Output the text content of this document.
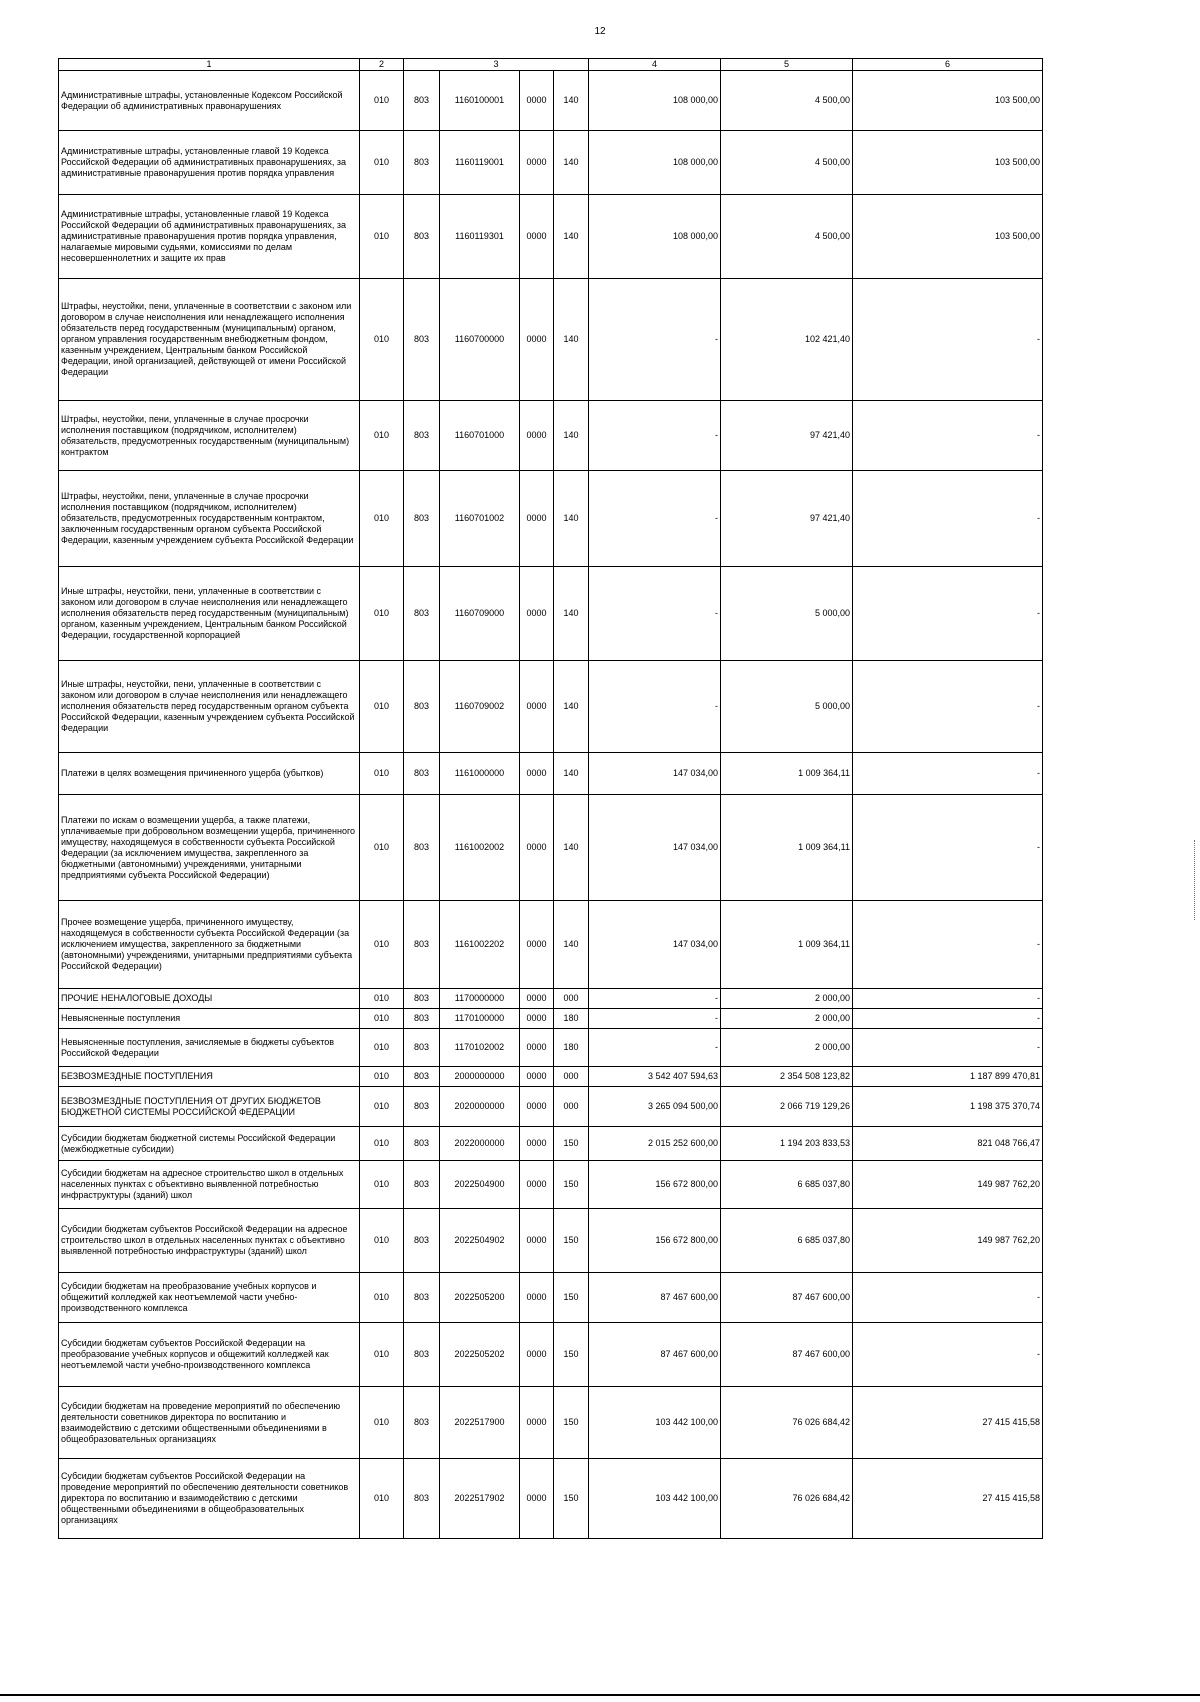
12
1	2	3				4	5	6
Административные штрафы, установленные Кодексом Российской Федерации об административных правонарушениях	010	803	1160100001	0000	140	108 000,00	4 500,00	103 500,00
Административные штрафы, установленные главой 19 Кодекса Российской Федерации об административных правонарушениях, за административные правонарушения против порядка управления	010	803	1160119001	0000	140	108 000,00	4 500,00	103 500,00
Административные штрафы, установленные главой 19 Кодекса Российской Федерации об административных правонарушениях, за административные правонарушения против порядка управления, налагаемые мировыми судьями, комиссиями по делам несовершеннолетних и защите их прав	010	803	1160119301	0000	140	108 000,00	4 500,00	103 500,00
Штрафы, неустойки, пени, уплаченные в соответствии с законом или договором в случае неисполнения или ненадлежащего исполнения обязательств перед государственным (муниципальным) органом, органом управления государственным внебюджетным фондом, казенным учреждением, Центральным банком Российской Федерации, иной организацией, действующей от имени Российской Федерации	010	803	1160700000	0000	140	-	102 421,40	-
Штрафы, неустойки, пени, уплаченные в случае просрочки исполнения поставщиком (подрядчиком, исполнителем) обязательств, предусмотренных государственным (муниципальным) контрактом	010	803	1160701000	0000	140	-	97 421,40	-
Штрафы, неустойки, пени, уплаченные в случае просрочки исполнения поставщиком (подрядчиком, исполнителем) обязательств, предусмотренных государственным контрактом, заключенным государственным органом субъекта Российской Федерации, казенным учреждением субъекта Российской Федерации	010	803	1160701002	0000	140	-	97 421,40	-
Иные штрафы, неустойки, пени, уплаченные в соответствии с законом или договором в случае неисполнения или ненадлежащего исполнения обязательств перед государственным (муниципальным) органом, казенным учреждением, Центральным банком Российской Федерации, государственной корпорацией	010	803	1160709000	0000	140	-	5 000,00	-
Иные штрафы, неустойки, пени, уплаченные в соответствии с законом или договором в случае неисполнения или ненадлежащего исполнения обязательств перед государственным органом субъекта Российской Федерации, казенным учреждением субъекта Российской Федерации	010	803	1160709002	0000	140	-	5 000,00	-
Платежи в целях возмещения причиненного ущерба (убытков)	010	803	1161000000	0000	140	147 034,00	1 009 364,11	-
Платежи по искам о возмещении ущерба, а также платежи, уплачиваемые при добровольном возмещении ущерба, причиненного имуществу, находящемуся в собственности субъекта Российской Федерации (за исключением имущества, закрепленного за бюджетными (автономными) учреждениями, унитарными предприятиями субъекта Российской Федерации)	010	803	1161002002	0000	140	147 034,00	1 009 364,11	-
Прочее возмещение ущерба, причиненного имуществу, находящемуся в собственности субъекта Российской Федерации (за исключением имущества, закрепленного за бюджетными (автономными) учреждениями, унитарными предприятиями субъекта Российской Федерации)	010	803	1161002202	0000	140	147 034,00	1 009 364,11	-
ПРОЧИЕ НЕНАЛОГОВЫЕ ДОХОДЫ	010	803	1170000000	0000	000	-	2 000,00	-
Невыясненные поступления	010	803	1170100000	0000	180	-	2 000,00	-
Невыясненные поступления, зачисляемые в бюджеты субъектов Российской Федерации	010	803	1170102002	0000	180	-	2 000,00	-
БЕЗВОЗМЕЗДНЫЕ ПОСТУПЛЕНИЯ	010	803	2000000000	0000	000	3 542 407 594,63	2 354 508 123,82	1 187 899 470,81
БЕЗВОЗМЕЗДНЫЕ ПОСТУПЛЕНИЯ ОТ ДРУГИХ БЮДЖЕТОВ БЮДЖЕТНОЙ СИСТЕМЫ РОССИЙСКОЙ ФЕДЕРАЦИИ	010	803	2020000000	0000	000	3 265 094 500,00	2 066 719 129,26	1 198 375 370,74
Субсидии бюджетам бюджетной системы Российской Федерации (межбюджетные субсидии)	010	803	2022000000	0000	150	2 015 252 600,00	1 194 203 833,53	821 048 766,47
Субсидии бюджетам на адресное строительство школ в отдельных населенных пунктах с объективно выявленной потребностью инфраструктуры (зданий) школ	010	803	2022504900	0000	150	156 672 800,00	6 685 037,80	149 987 762,20
Субсидии бюджетам субъектов Российской Федерации на адресное строительство школ в отдельных населенных пунктах с объективно выявленной потребностью инфраструктуры (зданий) школ	010	803	2022504902	0000	150	156 672 800,00	6 685 037,80	149 987 762,20
Субсидии бюджетам на преобразование учебных корпусов и общежитий колледжей как неотъемлемой части учебно-производственного комплекса	010	803	2022505200	0000	150	87 467 600,00	87 467 600,00	-
Субсидии бюджетам субъектов Российской Федерации на преобразование учебных корпусов и общежитий колледжей как неотъемлемой части учебно-производственного комплекса	010	803	2022505202	0000	150	87 467 600,00	87 467 600,00	-
Субсидии бюджетам на проведение мероприятий по обеспечению деятельности советников директора по воспитанию и взаимодействию с детскими общественными объединениями в общеобразовательных организациях	010	803	2022517900	0000	150	103 442 100,00	76 026 684,42	27 415 415,58
Субсидии бюджетам субъектов Российской Федерации на проведение мероприятий по обеспечению деятельности советников директора по воспитанию и взаимодействию с детскими общественными объединениями в общеобразовательных организациях	010	803	2022517902	0000	150	103 442 100,00	76 026 684,42	27 415 415,58
